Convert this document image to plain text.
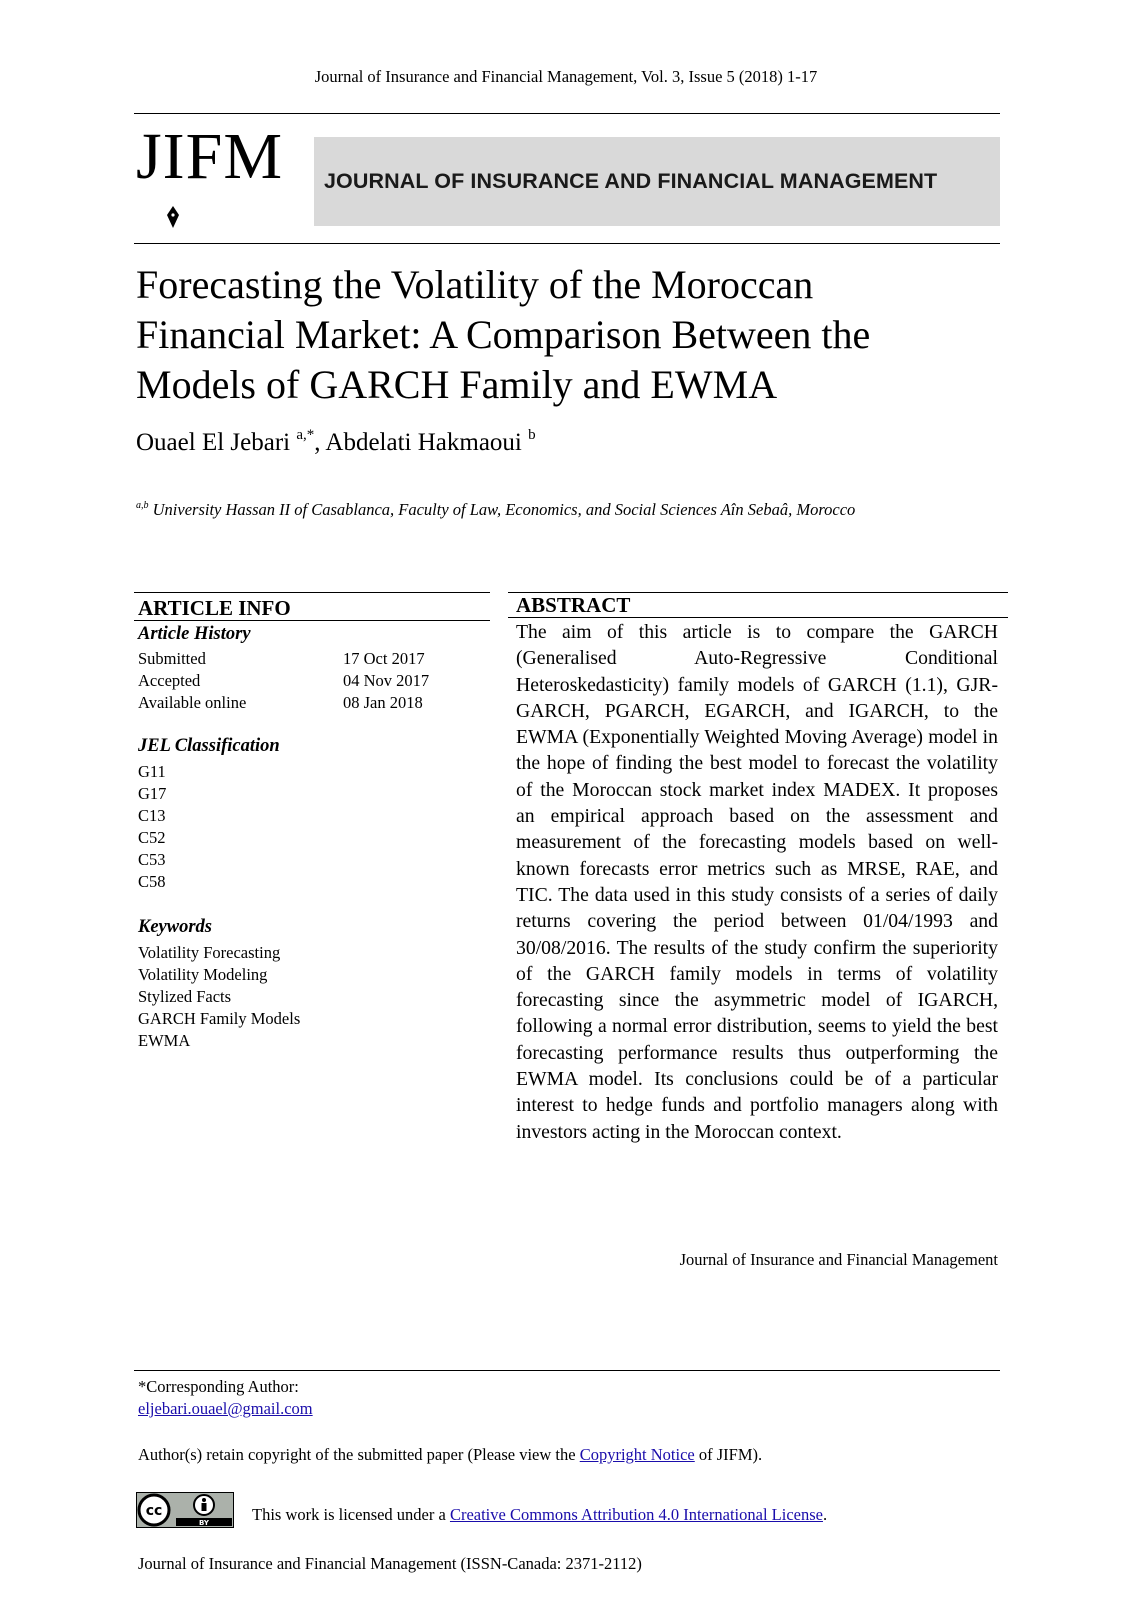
Journal of Insurance and Financial Management, Vol. 3, Issue 5 (2018) 1-17
JIFM JOURNAL OF INSURANCE AND FINANCIAL MANAGEMENT
Forecasting the Volatility of the Moroccan
Financial Market: A Comparison Between the
Models of GARCH Family and EWMA
Ouael El Jebari $^{a,*}$, Abdelati Hakmaoui $^b$
$^{a,b}$ University Hassan II of Casablanca, Faculty of Law, Economics, and Social Sciences Aîn Sebaâ, Morocco
ARTICLE INFO
Article History
Submitted	17 Oct 2017
Accepted	04 Nov 2017
Available online	08 Jan 2018
JEL Classification
G11
G17
C13
C52
C53
C58
Keywords
Volatility Forecasting
Volatility Modeling
Stylized Facts
GARCH Family Models
EWMA
ABSTRACT
The aim of this article is to compare the GARCH (Generalised Auto-Regressive Conditional Heteroskedasticity) family models of GARCH (1.1), GJR-GARCH, PGARCH, EGARCH, and IGARCH, to the EWMA (Exponentially Weighted Moving Average) model in the hope of finding the best model to forecast the volatility of the Moroccan stock market index MADEX. It proposes an empirical approach based on the assessment and measurement of the forecasting models based on well-known forecasts error metrics such as MRSE, RAE, and TIC. The data used in this study consists of a series of daily returns covering the period between 01/04/1993 and 30/08/2016. The results of the study confirm the superiority of the GARCH family models in terms of volatility forecasting since the asymmetric model of IGARCH, following a normal error distribution, seems to yield the best forecasting performance results thus outperforming the EWMA model. Its conclusions could be of a particular interest to hedge funds and portfolio managers along with investors acting in the Moroccan context.
Journal of Insurance and Financial Management
*Corresponding Author:
eljebari.ouael@gmail.com
Author(s) retain copyright of the submitted paper (Please view the Copyright Notice of JIFM).
cc
BY	This work is licensed under a Creative Commons Attribution 4.0 International License.
Journal of Insurance and Financial Management (ISSN-Canada: 2371-2112)
